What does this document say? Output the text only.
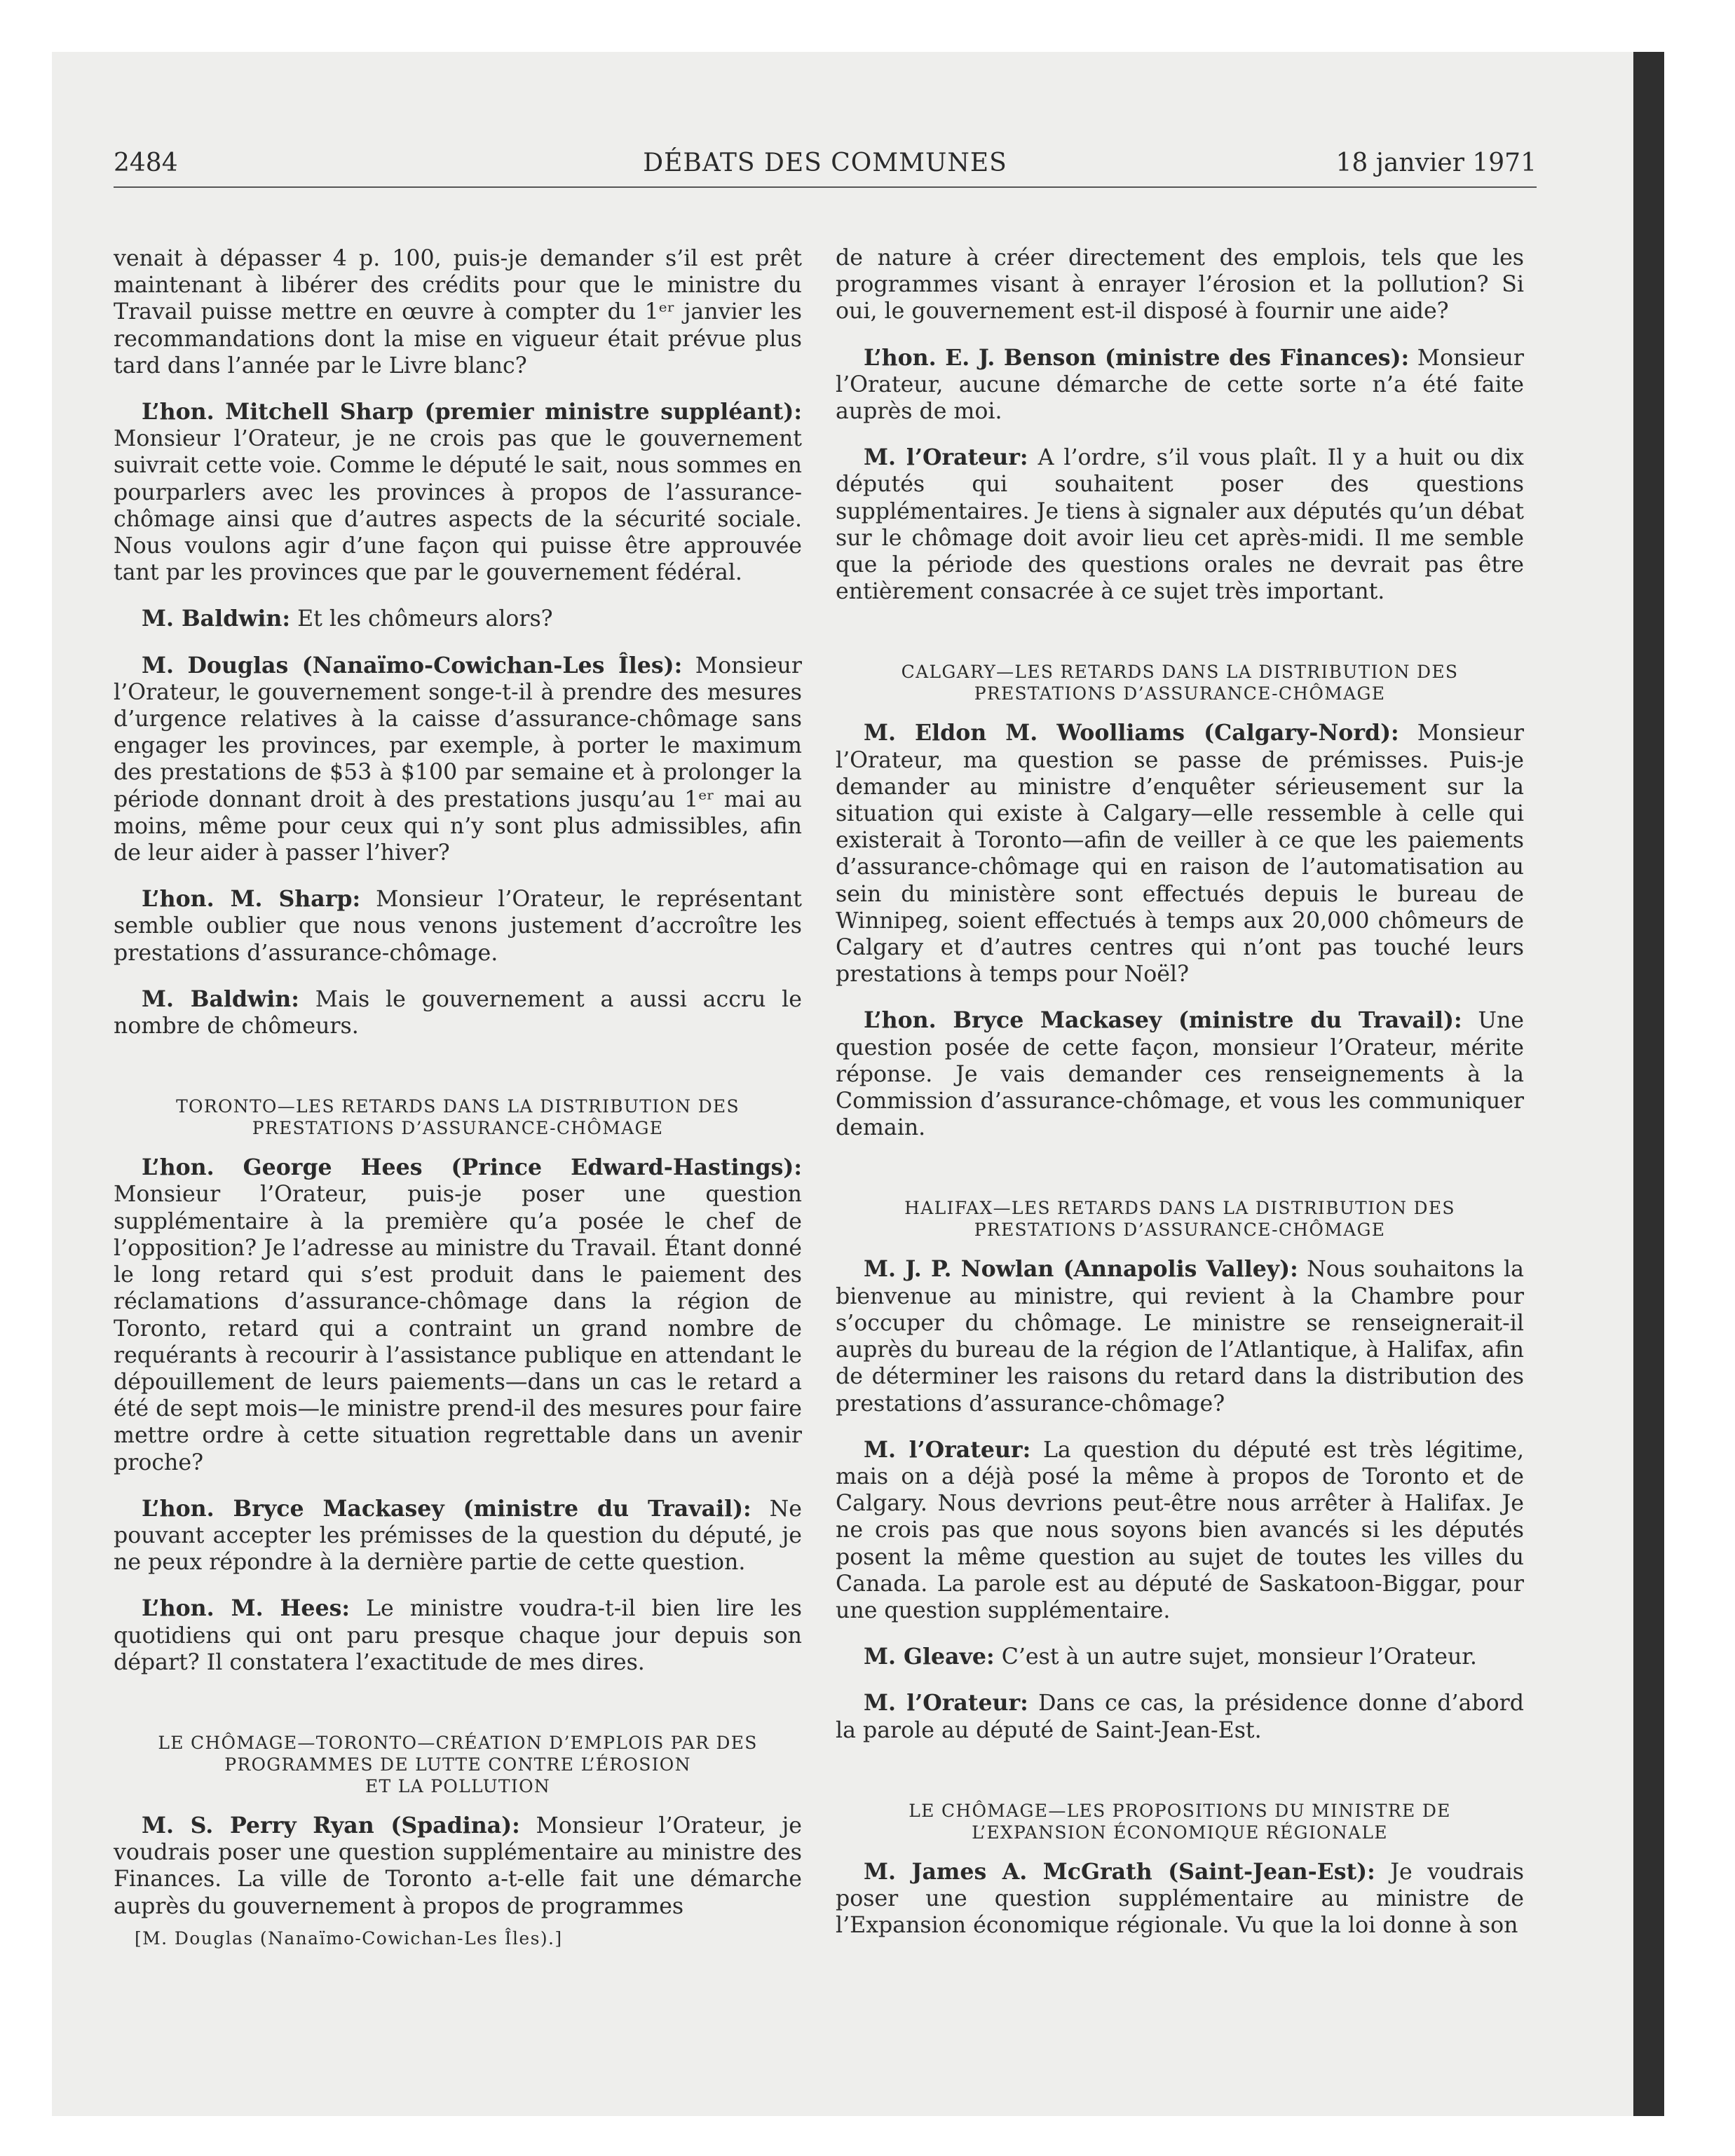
2484	DÉBATS DES COMMUNES	18 janvier 1971

venait à dépasser 4 p. 100, puis-je demander s’il est prêt maintenant à libérer des crédits pour que le ministre du Travail puisse mettre en œuvre à compter du 1ᵉʳ janvier les recommandations dont la mise en vigueur était prévue plus tard dans l’année par le Livre blanc?

L’hon. Mitchell Sharp (premier ministre suppléant): Monsieur l’Orateur, je ne crois pas que le gouvernement suivrait cette voie. Comme le député le sait, nous sommes en pourparlers avec les provinces à propos de l’assurance-chômage ainsi que d’autres aspects de la sécurité sociale. Nous voulons agir d’une façon qui puisse être approuvée tant par les provinces que par le gouvernement fédéral.

M. Baldwin: Et les chômeurs alors?

M. Douglas (Nanaïmo-Cowichan-Les Îles): Monsieur l’Orateur, le gouvernement songe-t-il à prendre des mesures d’urgence relatives à la caisse d’assurance-chômage sans engager les provinces, par exemple, à porter le maximum des prestations de $53 à $100 par semaine et à prolonger la période donnant droit à des prestations jusqu’au 1ᵉʳ mai au moins, même pour ceux qui n’y sont plus admissibles, afin de leur aider à passer l’hiver?

L’hon. M. Sharp: Monsieur l’Orateur, le représentant semble oublier que nous venons justement d’accroître les prestations d’assurance-chômage.

M. Baldwin: Mais le gouvernement a aussi accru le nombre de chômeurs.

TORONTO—LES RETARDS DANS LA DISTRIBUTION DES
PRESTATIONS D’ASSURANCE-CHÔMAGE

L’hon. George Hees (Prince Edward-Hastings): Monsieur l’Orateur, puis-je poser une question supplémentaire à la première qu’a posée le chef de l’opposition? Je l’adresse au ministre du Travail. Étant donné le long retard qui s’est produit dans le paiement des réclamations d’assurance-chômage dans la région de Toronto, retard qui a contraint un grand nombre de requérants à recourir à l’assistance publique en attendant le dépouillement de leurs paiements—dans un cas le retard a été de sept mois—le ministre prend-il des mesures pour faire mettre ordre à cette situation regrettable dans un avenir proche?

L’hon. Bryce Mackasey (ministre du Travail): Ne pouvant accepter les prémisses de la question du député, je ne peux répondre à la dernière partie de cette question.

L’hon. M. Hees: Le ministre voudra-t-il bien lire les quotidiens qui ont paru presque chaque jour depuis son départ? Il constatera l’exactitude de mes dires.

LE CHÔMAGE—TORONTO—CRÉATION D’EMPLOIS PAR DES
PROGRAMMES DE LUTTE CONTRE L’ÉROSION
ET LA POLLUTION

M. S. Perry Ryan (Spadina): Monsieur l’Orateur, je voudrais poser une question supplémentaire au ministre des Finances. La ville de Toronto a-t-elle fait une démarche auprès du gouvernement à propos de programmes

[M. Douglas (Nanaïmo-Cowichan-Les Îles).]

de nature à créer directement des emplois, tels que les programmes visant à enrayer l’érosion et la pollution? Si oui, le gouvernement est-il disposé à fournir une aide?

L’hon. E. J. Benson (ministre des Finances): Monsieur l’Orateur, aucune démarche de cette sorte n’a été faite auprès de moi.

M. l’Orateur: A l’ordre, s’il vous plaît. Il y a huit ou dix députés qui souhaitent poser des questions supplémentaires. Je tiens à signaler aux députés qu’un débat sur le chômage doit avoir lieu cet après-midi. Il me semble que la période des questions orales ne devrait pas être entièrement consacrée à ce sujet très important.

CALGARY—LES RETARDS DANS LA DISTRIBUTION DES
PRESTATIONS D’ASSURANCE-CHÔMAGE

M. Eldon M. Woolliams (Calgary-Nord): Monsieur l’Orateur, ma question se passe de prémisses. Puis-je demander au ministre d’enquêter sérieusement sur la situation qui existe à Calgary—elle ressemble à celle qui existerait à Toronto—afin de veiller à ce que les paiements d’assurance-chômage qui en raison de l’automatisation au sein du ministère sont effectués depuis le bureau de Winnipeg, soient effectués à temps aux 20,000 chômeurs de Calgary et d’autres centres qui n’ont pas touché leurs prestations à temps pour Noël?

L’hon. Bryce Mackasey (ministre du Travail): Une question posée de cette façon, monsieur l’Orateur, mérite réponse. Je vais demander ces renseignements à la Commission d’assurance-chômage, et vous les communiquer demain.

HALIFAX—LES RETARDS DANS LA DISTRIBUTION DES
PRESTATIONS D’ASSURANCE-CHÔMAGE

M. J. P. Nowlan (Annapolis Valley): Nous souhaitons la bienvenue au ministre, qui revient à la Chambre pour s’occuper du chômage. Le ministre se renseignerait-il auprès du bureau de la région de l’Atlantique, à Halifax, afin de déterminer les raisons du retard dans la distribution des prestations d’assurance-chômage?

M. l’Orateur: La question du député est très légitime, mais on a déjà posé la même à propos de Toronto et de Calgary. Nous devrions peut-être nous arrêter à Halifax. Je ne crois pas que nous soyons bien avancés si les députés posent la même question au sujet de toutes les villes du Canada. La parole est au député de Saskatoon-Biggar, pour une question supplémentaire.

M. Gleave: C’est à un autre sujet, monsieur l’Orateur.

M. l’Orateur: Dans ce cas, la présidence donne d’abord la parole au député de Saint-Jean-Est.

LE CHÔMAGE—LES PROPOSITIONS DU MINISTRE DE
L’EXPANSION ÉCONOMIQUE RÉGIONALE

M. James A. McGrath (Saint-Jean-Est): Je voudrais poser une question supplémentaire au ministre de l’Expansion économique régionale. Vu que la loi donne à son
